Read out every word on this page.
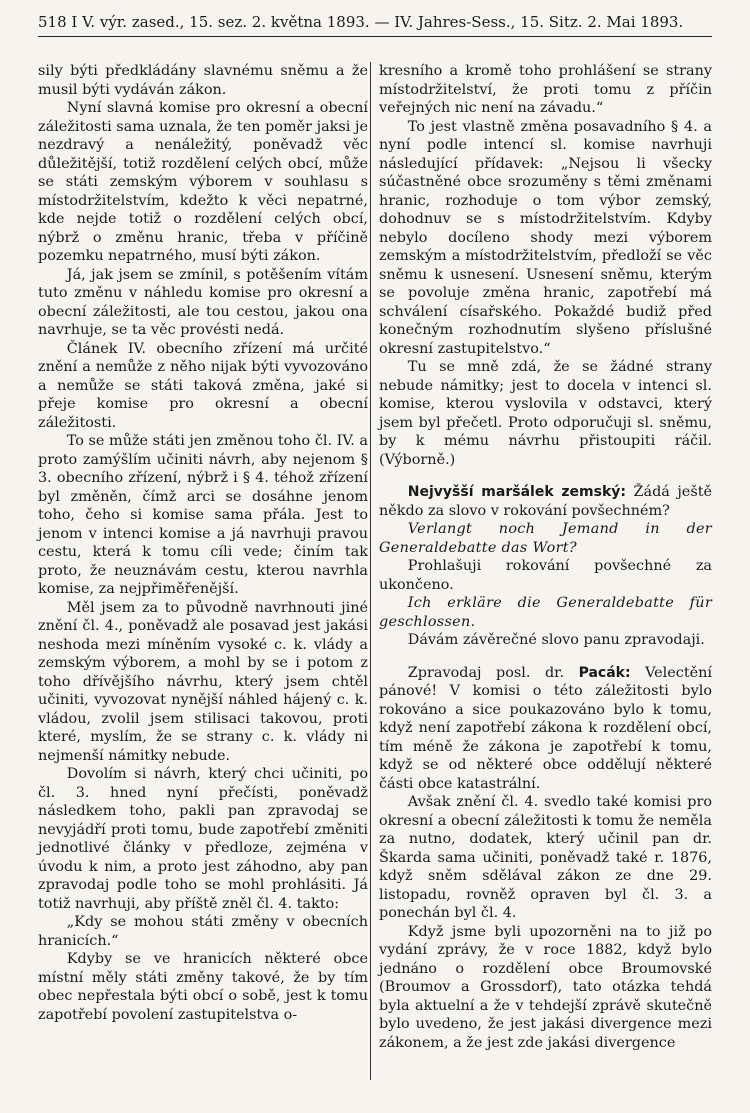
518 I V. výr. zased., 15. sez. 2. května 1893. — IV. Jahres-Sess., 15. Sitz. 2. Mai 1893.

sily býti předkládány slavnému sněmu a že musil býti vydáván zákon.

Nyní slavná komise pro okresní a obecní záležitosti sama uznala, že ten poměr jaksi je nezdravý a nenáležitý, poněvadž věc důležitější, totiž rozdělení celých obcí, může se státi zemským výborem v souhlasu s místodržitelstvím, kdežto k věci nepatrné, kde nejde totiž o rozdělení celých obcí, nýbrž o změnu hranic, třeba v příčině pozemku nepatrného, musí býti zákon.

Já, jak jsem se zmínil, s potěšením vítám tuto změnu v náhledu komise pro okresní a obecní záležitosti, ale tou cestou, jakou ona navrhuje, se ta věc provésti nedá.

Článek IV. obecního zřízení má určité znění a nemůže z něho nijak býti vyvozováno a nemůže se státi taková změna, jaké si přeje komise pro okresní a obecní záležitosti.

To se může státi jen změnou toho čl. IV. a proto zamýšlím učiniti návrh, aby nejenom § 3. obecního zřízení, nýbrž i § 4. téhož zřízení byl změněn, čímž arci se dosáhne jenom toho, čeho si komise sama přála. Jest to jenom v intenci komise a já navrhuji pravou cestu, která k tomu cíli vede; činím tak proto, že neuznávám cestu, kterou navrhla komise, za nejpřiměřenější.

Měl jsem za to původně navrhnouti jiné znění čl. 4., poněvadž ale posavad jest jakási neshoda mezi míněním vysoké c. k. vlády a zemským výborem, a mohl by se i potom z toho dřívějšího návrhu, který jsem chtěl učiniti, vyvozovat nynější náhled hájený c. k. vládou, zvolil jsem stilisaci takovou, proti které, myslím, že se strany c. k. vlády ni nejmenší námitky nebude.

Dovolím si návrh, který chci učiniti, po čl. 3. hned nyní přečísti, poněvadž následkem toho, pakli pan zpravodaj se nevyjádří proti tomu, bude zapotřebí změniti jednotlivé články v předloze, zejména v úvodu k nim, a proto jest záhodno, aby pan zpravodaj podle toho se mohl prohlásiti. Já totiž navrhuji, aby příště zněl čl. 4. takto:

„Kdy se mohou státi změny v obecních hranicích.“

Kdyby se ve hranicích některé obce místní měly státi změny takové, že by tím obec nepřestala býti obcí o sobě, jest k tomu zapotřebí povolení zastupitelstva o-

kresního a kromě toho prohlášení se strany místodržitelství, že proti tomu z příčin veřejných nic není na závadu.“

To jest vlastně změna posavadního § 4. a nyní podle intencí sl. komise navrhuji následující přídavek: „Nejsou li všecky súčastněné obce srozuměny s těmi změnami hranic, rozhoduje o tom výbor zemský, dohodnuv se s místodržitelstvím. Kdyby nebylo docíleno shody mezi výborem zemským a místodržitelstvím, předloží se věc sněmu k usnesení. Usnesení sněmu, kterým se povoluje změna hranic, zapotřebí má schválení císařského. Pokaždé budiž před konečným rozhodnutím slyšeno příslušné okresní zastupitelstvo.“

Tu se mně zdá, že se žádné strany nebude námitky; jest to docela v intenci sl. komise, kterou vyslovila v odstavci, který jsem byl přečetl. Proto odporučuji sl. sněmu, by k mému návrhu přistoupiti ráčil. (Výborně.)

Nejvyšší maršálek zemský: Žádá ještě někdo za slovo v rokování povšechném?

Verlangt noch Jemand in der Generaldebatte das Wort?

Prohlašuji rokování povšechné za ukončeno.

Ich erkläre die Generaldebatte für geschlossen.

Dávám závěrečné slovo panu zpravodaji.

Zpravodaj posl. dr. Pacák: Velectění pánové! V komisi o této záležitosti bylo rokováno a sice poukazováno bylo k tomu, když není zapotřebí zákona k rozdělení obcí, tím méně že zákona je zapotřebí k tomu, když se od některé obce oddělují některé části obce katastrální.

Avšak znění čl. 4. svedlo také komisi pro okresní a obecní záležitosti k tomu že neměla za nutno, dodatek, který učinil pan dr. Škarda sama učiniti, poněvadž také r. 1876, když sněm sdělával zákon ze dne 29. listopadu, rovněž opraven byl čl. 3. a ponechán byl čl. 4.

Když jsme byli upozorněni na to již po vydání zprávy, že v roce 1882, když bylo jednáno o rozdělení obce Broumovské (Broumov a Grossdorf), tato otázka tehdá byla aktuelní a že v tehdejší zprávě skutečně bylo uvedeno, že jest jakási divergence mezi zákonem, a že jest zde jakási divergence
